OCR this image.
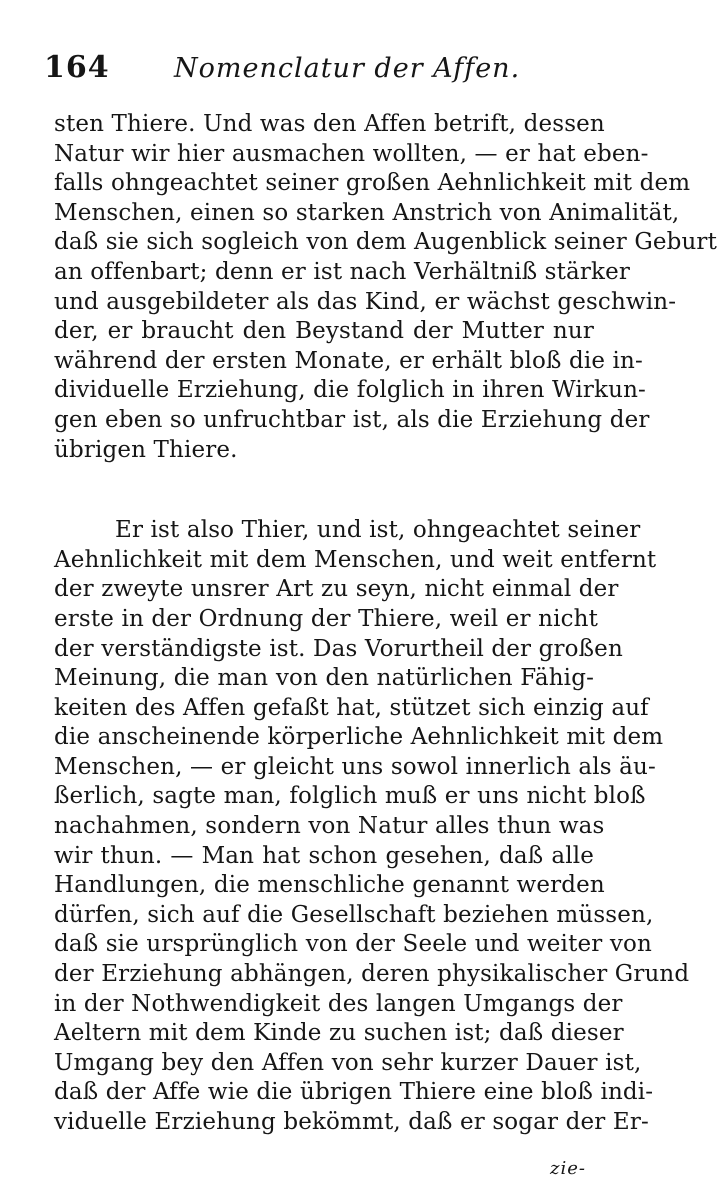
164 Nomenclatur der Affen.
sten Thiere. Und was den Affen betrift, dessen
Natur wir hier ausmachen wollten, — er hat eben-
falls ohngeachtet seiner großen Aehnlichkeit mit dem
Menschen, einen so starken Anstrich von Animalität,
daß sie sich sogleich von dem Augenblick seiner Geburt
an offenbart; denn er ist nach Verhältniß stärker
und ausgebildeter als das Kind, er wächst geschwin-
der, er braucht den Beystand der Mutter nur
während der ersten Monate, er erhält bloß die in-
dividuelle Erziehung, die folglich in ihren Wirkun-
gen eben so unfruchtbar ist, als die Erziehung der
übrigen Thiere.
Er ist also Thier, und ist, ohngeachtet seiner
Aehnlichkeit mit dem Menschen, und weit entfernt
der zweyte unsrer Art zu seyn, nicht einmal der
erste in der Ordnung der Thiere, weil er nicht
der verständigste ist. Das Vorurtheil der großen
Meinung, die man von den natürlichen Fähig-
keiten des Affen gefaßt hat, stützet sich einzig auf
die anscheinende körperliche Aehnlichkeit mit dem
Menschen, — er gleicht uns sowol innerlich als äu-
ßerlich, sagte man, folglich muß er uns nicht bloß
nachahmen, sondern von Natur alles thun was
wir thun. — Man hat schon gesehen, daß alle
Handlungen, die menschliche genannt werden
dürfen, sich auf die Gesellschaft beziehen müssen,
daß sie ursprünglich von der Seele und weiter von
der Erziehung abhängen, deren physikalischer Grund
in der Nothwendigkeit des langen Umgangs der
Aeltern mit dem Kinde zu suchen ist; daß dieser
Umgang bey den Affen von sehr kurzer Dauer ist,
daß der Affe wie die übrigen Thiere eine bloß indi-
viduelle Erziehung bekömmt, daß er sogar der Er-
zie-
